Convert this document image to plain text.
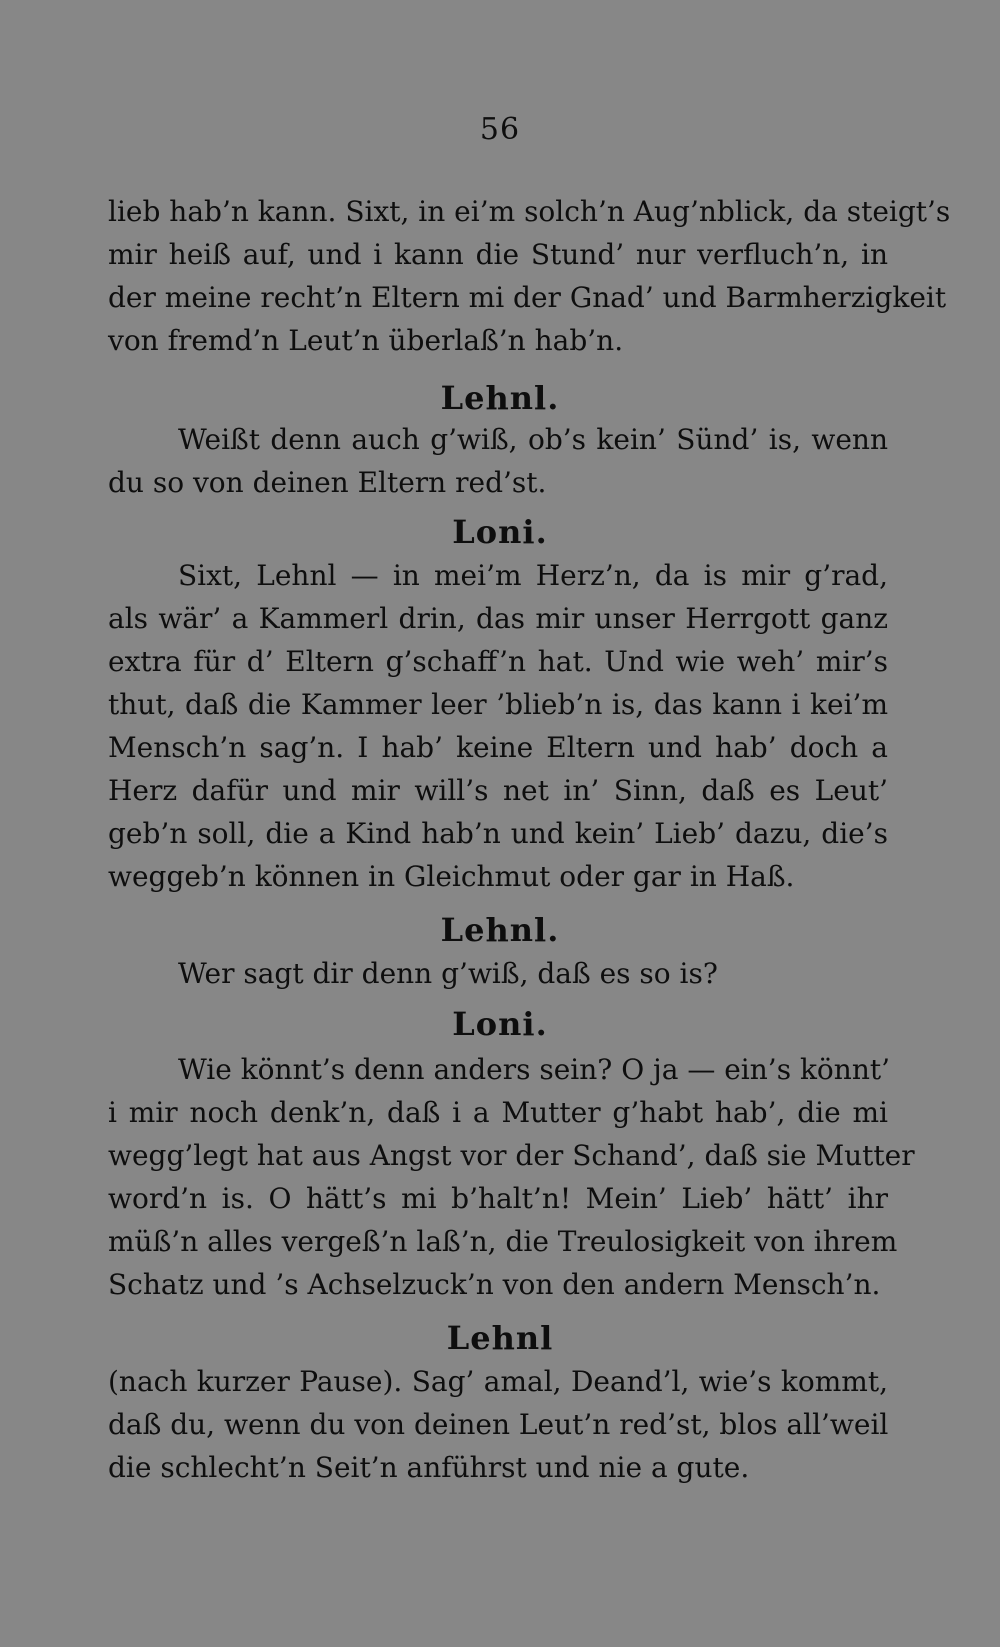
56
lieb hab’n kann. Sixt, in ei’m solch’n Aug’nblick, da steigt’s
mir heiß auf, und i kann die Stund’ nur verfluch’n, in
der meine recht’n Eltern mi der Gnad’ und Barmherzigkeit
von fremd’n Leut’n überlaß’n hab’n.
Lehnl.
Weißt denn auch g’wiß, ob’s kein’ Sünd’ is, wenn
du so von deinen Eltern red’st.
Loni.
Sixt, Lehnl — in mei’m Herz’n, da is mir g’rad,
als wär’ a Kammerl drin, das mir unser Herrgott ganz
extra für d’ Eltern g’schaff’n hat. Und wie weh’ mir’s
thut, daß die Kammer leer ’blieb’n is, das kann i kei’m
Mensch’n sag’n. I hab’ keine Eltern und hab’ doch a
Herz dafür und mir will’s net in’ Sinn, daß es Leut’
geb’n soll, die a Kind hab’n und kein’ Lieb’ dazu, die’s
weggeb’n können in Gleichmut oder gar in Haß.
Lehnl.
Wer sagt dir denn g’wiß, daß es so is?
Loni.
Wie könnt’s denn anders sein? O ja — ein’s könnt’
i mir noch denk’n, daß i a Mutter g’habt hab’, die mi
wegg’legt hat aus Angst vor der Schand’, daß sie Mutter
word’n is. O hätt’s mi b’halt’n! Mein’ Lieb’ hätt’ ihr
müß’n alles vergeß’n laß’n, die Treulosigkeit von ihrem
Schatz und ’s Achselzuck’n von den andern Mensch’n.
Lehnl
(nach kurzer Pause). Sag’ amal, Deand’l, wie’s kommt,
daß du, wenn du von deinen Leut’n red’st, blos all’weil
die schlecht’n Seit’n anführst und nie a gute.
